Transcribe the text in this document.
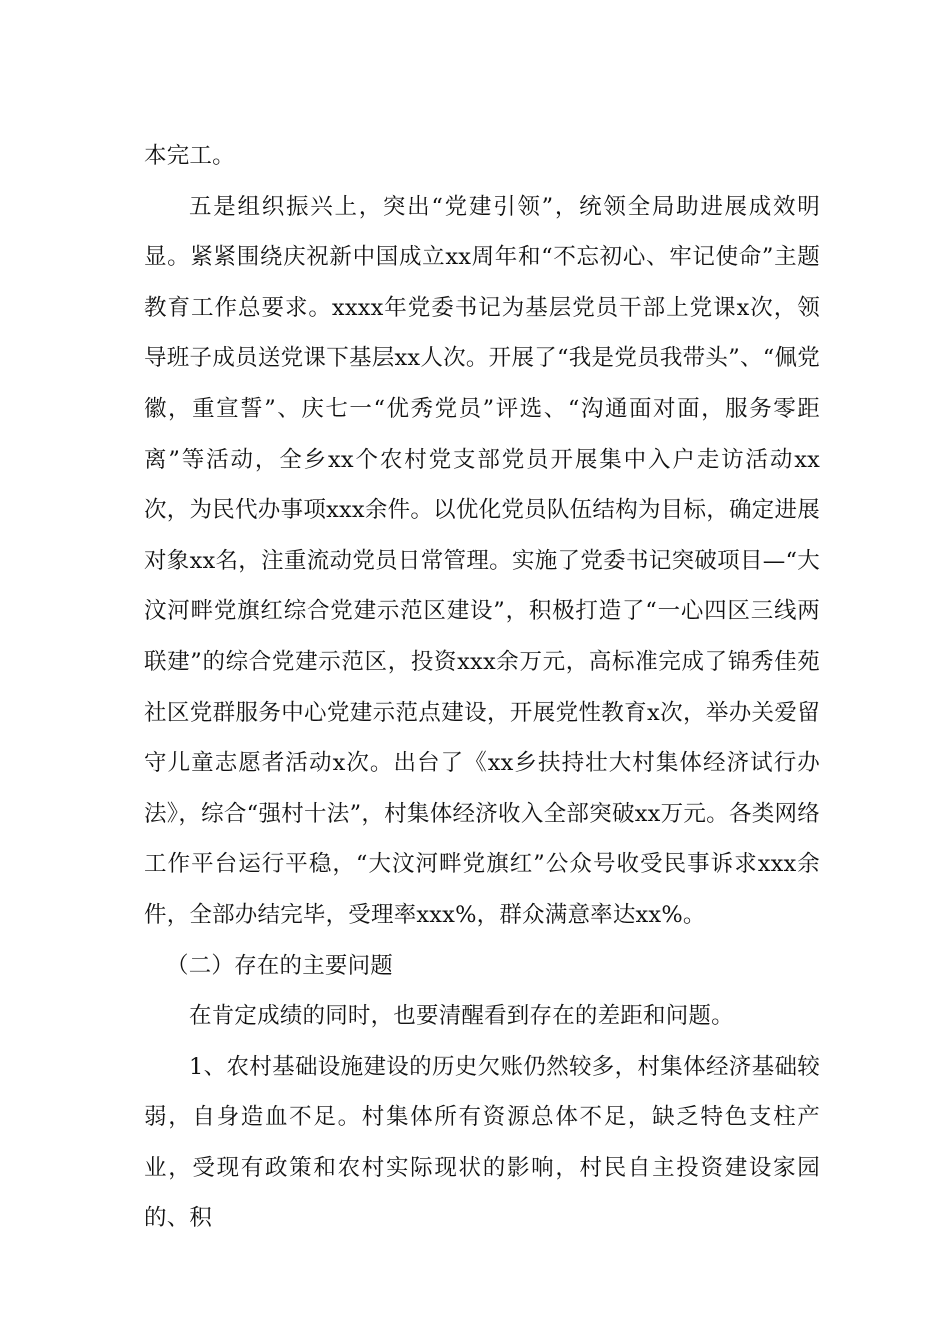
本完工。

五是组织振兴上，突出“党建引领”，统领全局助进展成效明显。紧紧围绕庆祝新中国成立xx周年和“不忘初心、牢记使命”主题教育工作总要求。xxxx年党委书记为基层党员干部上党课x次，领导班子成员送党课下基层xx人次。开展了“我是党员我带头”、“佩党徽，重宣誓”、庆七一“优秀党员”评选、“沟通面对面，服务零距离”等活动，全乡xx个农村党支部党员开展集中入户走访活动xx次，为民代办事项xxx余件。以优化党员队伍结构为目标，确定进展对象xx名，注重流动党员日常管理。实施了党委书记突破项目—“大汶河畔党旗红综合党建示范区建设”，积极打造了“一心四区三线两联建”的综合党建示范区，投资xxx余万元，高标准完成了锦秀佳苑社区党群服务中心党建示范点建设，开展党性教育x次，举办关爱留守儿童志愿者活动x次。出台了《xx乡扶持壮大村集体经济试行办法》，综合“强村十法”，村集体经济收入全部突破xx万元。各类网络工作平台运行平稳，“大汶河畔党旗红”公众号收受民事诉求xxx余件，全部办结完毕，受理率xxx%，群众满意率达xx%。

（二）存在的主要问题

在肯定成绩的同时，也要清醒看到存在的差距和问题。

1、农村基础设施建设的历史欠账仍然较多，村集体经济基础较弱，自身造血不足。村集体所有资源总体不足，缺乏特色支柱产业，受现有政策和农村实际现状的影响，村民自主投资建设家园的、积
